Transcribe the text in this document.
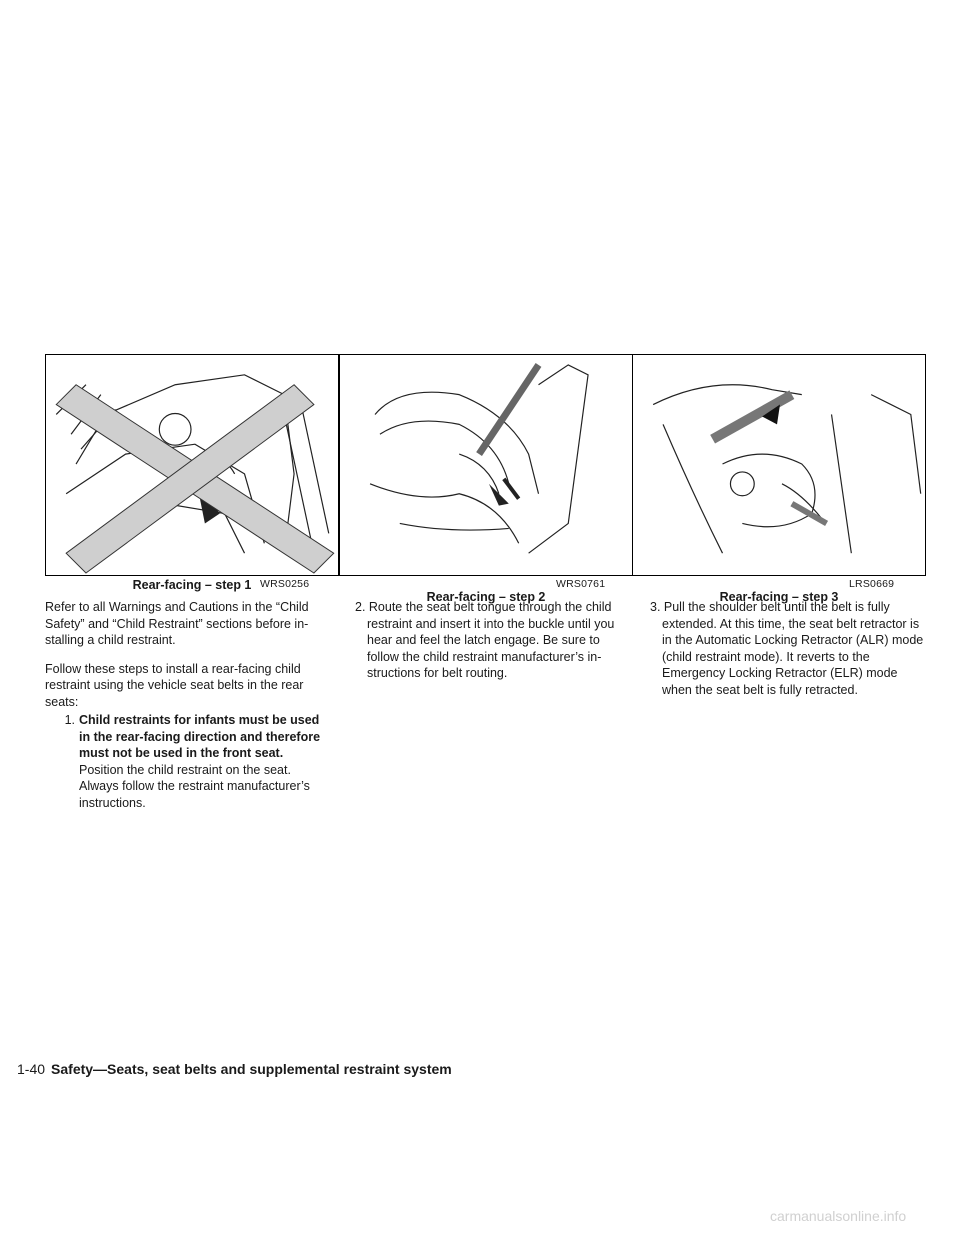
WRS0256
Rear-facing – step 1	WRS0761
Rear-facing – step 2
LRS0669
Rear-facing – step 3

Refer to all Warnings and Cautions in the “Child Safety” and “Child Restraint” sections before in- stalling a child restraint.

Follow these steps to install a rear-facing child restraint using the vehicle seat belts in the rear seats:

1. Child restraints for infants must be used in the rear-facing direction and therefore must not be used in the front seat. Position the child restraint on the seat. Always follow the restraint manufacturer’s instructions.
2. Route the seat belt tongue through the child restraint and insert it into the buckle until you hear and feel the latch engage. Be sure to follow the child restraint manufacturer’s in- structions for belt routing.
3. Pull the shoulder belt until the belt is fully extended. At this time, the seat belt retractor is in the Automatic Locking Retractor (ALR) mode (child restraint mode). It reverts to the Emergency Locking Retractor (ELR) mode when the seat belt is fully retracted.
1-40 Safety—Seats, seat belts and supplemental restraint system
carmanualsonline.info
